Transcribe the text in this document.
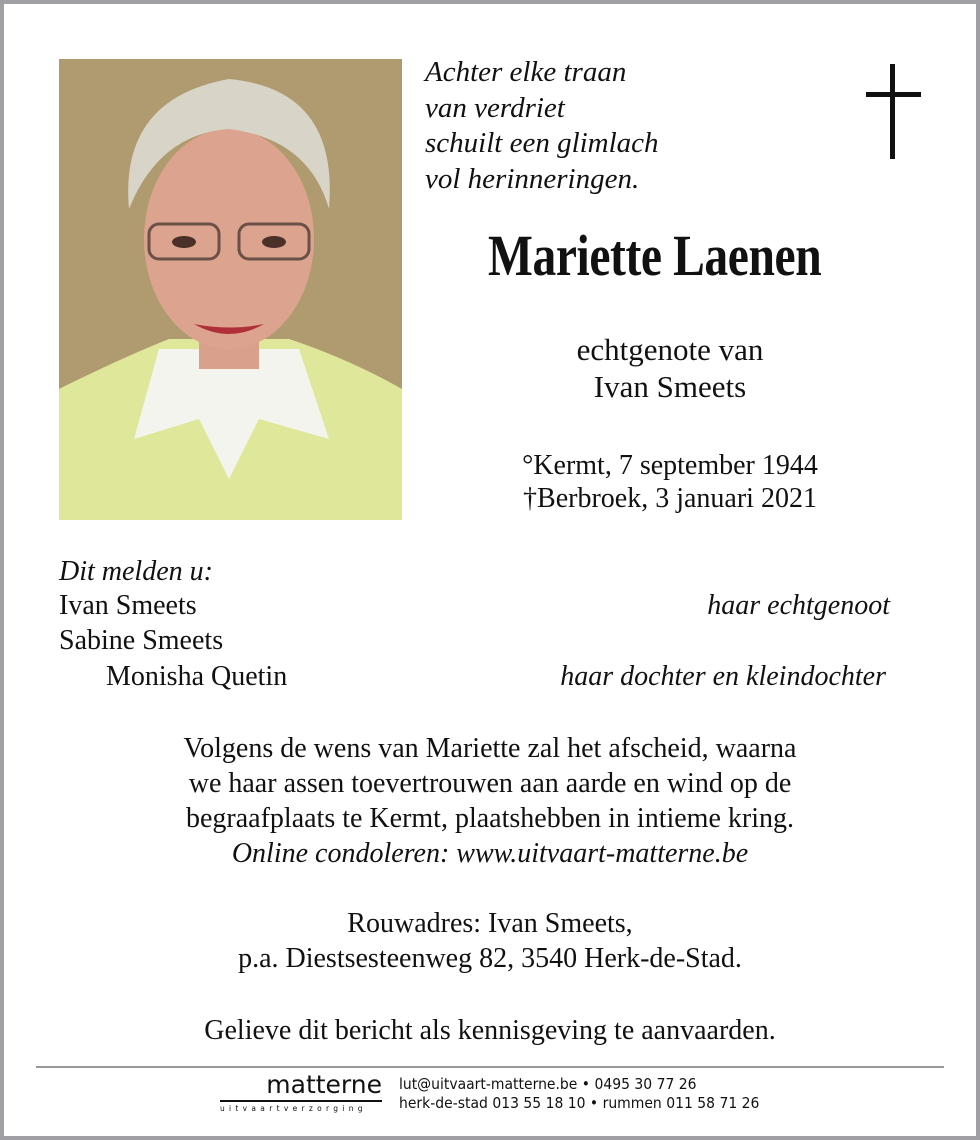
Achter elke traan
van verdriet
schuilt een glimlach
vol herinneringen.
Mariette Laenen
echtgenote van
Ivan Smeets
°Kermt, 7 september 1944
†Berbroek, 3 januari 2021
Dit melden u:
Ivan Smeets	haar echtgenoot
Sabine Smeets
Monisha Quetin	haar dochter en kleindochter
Volgens de wens van Mariette zal het afscheid, waarna
we haar assen toevertrouwen aan aarde en wind op de
begraafplaats te Kermt, plaatshebben in intieme kring.
Online condoleren: www.uitvaart-matterne.be
Rouwadres: Ivan Smeets,
p.a. Diestsesteenweg 82, 3540 Herk-de-Stad.
Gelieve dit bericht als kennisgeving te aanvaarden.
matterne
uitvaartverzorging
lut@uitvaart-matterne.be • 0495 30 77 26
herk-de-stad 013 55 18 10 • rummen 011 58 71 26
